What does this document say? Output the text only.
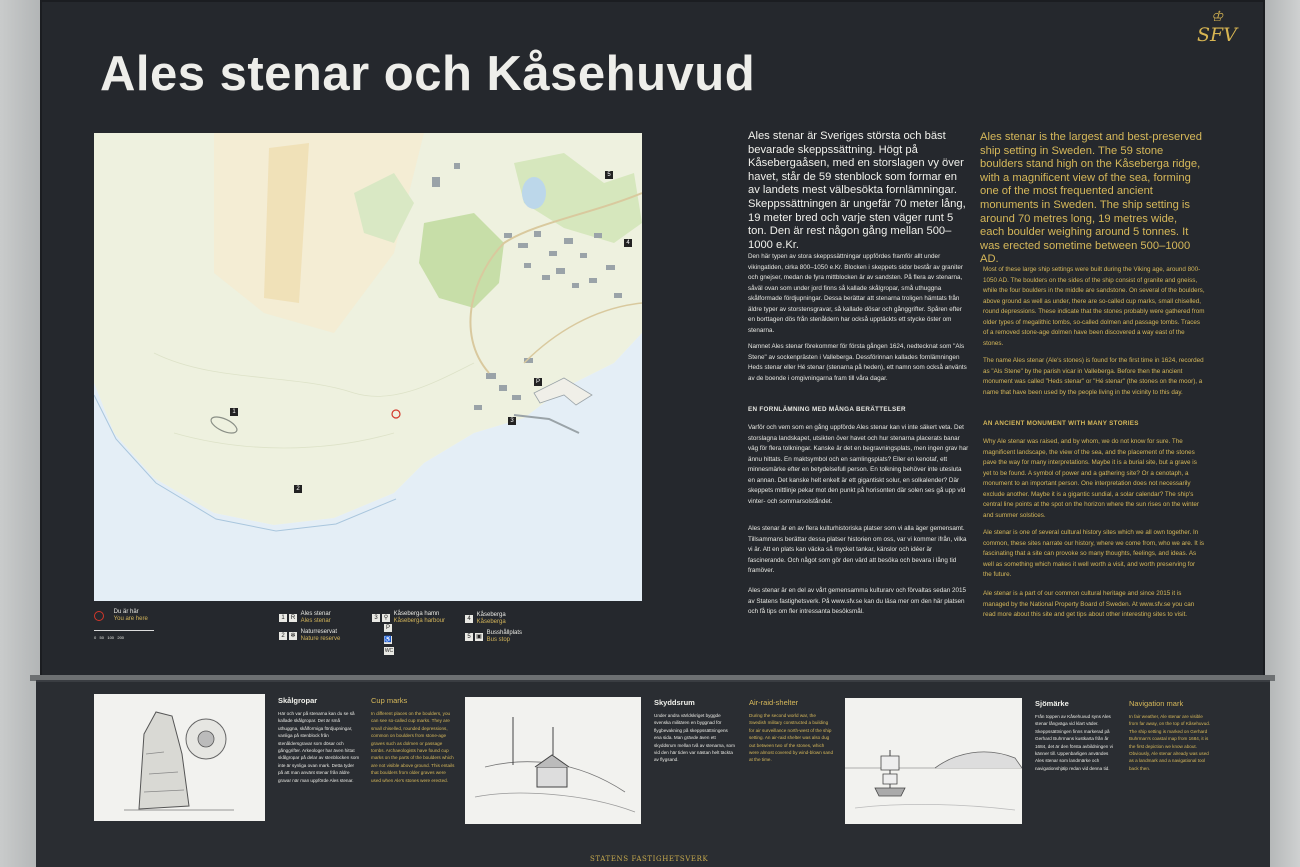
Ales stenar och Kåsehuvud
♔
SFV
1
2
3
4
5
P
Du är här
You are here
0   50   100   200
1 R Ales stenar
Ales stenar
2 ✻ Naturreservat
Nature reserve
3 ⚲ Kåseberga hamn
Kåseberga harbour
P
♿
WC
4 Kåseberga
Kåseberga
5 ▣ Busshållplats
Bus stop
Ales stenar är Sveriges största och bäst bevarade skeppssättning. Högt på Kåsebergaåsen, med en storslagen vy över havet, står de 59 stenblock som formar en av landets mest välbesökta fornlämningar. Skeppssättningen är ungefär 70 meter lång, 19 meter bred och varje sten väger runt 5 ton. Den är rest någon gång mellan 500–1000 e.Kr.
Ales stenar is the largest and best-preserved ship setting in Sweden. The 59 stone boulders stand high on the Kåseberga ridge, with a magnificent view of the sea, forming one of the most frequented ancient monuments in Sweden. The ship setting is around 70 metres long, 19 metres wide, each boulder weighing around 5 tonnes. It was erected sometime between 500–1000 AD.
Den här typen av stora skeppssättningar uppfördes framför allt under vikingatiden, cirka 800–1050 e.Kr. Blocken i skeppets sidor består av graniter och gnejser, medan de fyra mittblocken är av sandsten. På flera av stenarna, såväl ovan som under jord finns så kallade skålgropar, små uthuggna skålformade fördjupningar. Dessa berättar att stenarna troligen hämtats från äldre typer av storstensgravar, så kallade dösar och gånggrifter. Spåren efter en borttagen dös från stenåldern har också upptäckts ett stycke öster om stenarna.
Namnet Ales stenar förekommer för första gången 1624, nedtecknat som "Als Stene" av sockenprästen i Valleberga. Dessförinnan kallades fornlämningen Heds stenar eller Hé stenar (stenarna på heden), ett namn som också använts av de boende i omgivningarna fram till våra dagar.
EN FORNLÄMNING MED MÅNGA BERÄTTELSER
Varför och vem som en gång uppförde Ales stenar kan vi inte säkert veta. Det storslagna landskapet, utsikten över havet och hur stenarna placerats banar väg för flera tolkningar. Kanske är det en begravningsplats, men ingen grav har ännu hittats. En maktsymbol och en samlingsplats? Eller en kenotaf, ett minnesmärke efter en betydelsefull person. En tolkning behöver inte utesluta en annan. Det kanske helt enkelt är ett gigantiskt solur, en solkalender? Där skeppets mittlinje pekar mot den punkt på horisonten där solen ses gå upp vid vinter- och sommarsolståndet.
Ales stenar är en av flera kulturhistoriska platser som vi alla äger gemensamt. Tillsammans berättar dessa platser historien om oss, var vi kommer ifrån, vilka vi är. Att en plats kan väcka så mycket tankar, känslor och idéer är fascinerande. Och något som gör den värd att besöka och bevara i lång tid framöver.
Ales stenar är en del av vårt gemensamma kulturarv och förvaltas sedan 2015 av Statens fastighetsverk. På www.sfv.se kan du läsa mer om den här platsen och få tips om fler intressanta besöksmål.
Most of these large ship settings were built during the Viking age, around 800-1050 AD. The boulders on the sides of the ship consist of granite and gneiss, while the four boulders in the middle are sandstone. On several of the boulders, above ground as well as under, there are so-called cup marks, small chiselled, round depressions. These indicate that the stones probably were gathered from older types of megalithic tombs, so-called dolmen and passage tombs. Traces of a removed stone-age dolmen have been discovered a way east of the stones.
The name Ales stenar (Ale's stones) is found for the first time in 1624, recorded as "Als Stene" by the parish vicar in Valleberga. Before then the ancient monument was called "Heds stenar" or "Hé stenar" (the stones on the moor), a name that have been used by the people living in the vicinity to this day.
AN ANCIENT MONUMENT WITH MANY STORIES
Why Ale stenar was raised, and by whom, we do not know for sure. The magnificent landscape, the view of the sea, and the placement of the stones pave the way for many interpretations. Maybe it is a burial site, but a grave is yet to be found. A symbol of power and a gathering site? Or a cenotaph, a monument to an important person. One interpretation does not necessarily exclude another. Maybe it is a gigantic sundial, a solar calendar? The ship's central line points at the spot on the horizon where the sun rises on the winter and summer solstices.
Ale stenar is one of several cultural history sites which we all own together. In common, these sites narrate our history, where we come from, who we are. It is fascinating that a site can provoke so many thoughts, feelings, and ideas. As well as something which makes it well worth a visit, and worth preserving for the future.
Ale stenar is a part of our common cultural heritage and since 2015 it is managed by the National Property Board of Sweden. At www.sfv.se you can read more about this site and get tips about other interesting sites to visit.
Skålgropar
Här och var på stenarna kan du se så kallade skålgropar. Det är små uthuggna, skålformiga fördjupningar, vanliga på stenblock från stenåldersgravar som dösar och gånggrifter. Arkeologer har även hittat skålgropar på delar av stenblocken som inte är synliga ovan mark. Detta tyder på att man använt stenar från äldre gravar när man uppförde Ales stenar.
Cup marks
In different places on the boulders, you can see so-called cup marks. They are small chiselled, rounded depressions, common on boulders from stone-age graves such as dolmen or passage tombs. Archaeologists have found cup marks on the parts of the boulders which are not visible above ground. This entails that boulders from older graves were used when Ale's stones were erected.
Skyddsrum
Under andra världskriget byggde svenska militären en byggnad för flygbevakning på skeppssättningens ena sida. Man grävde även ett skyddsrum mellan två av stenarna, som vid den här tiden var nästan helt täckta av flygsand.
Air-raid-shelter
During the second world war, the Swedish military constructed a building for air surveillance north-west of the ship setting. An air-raid shelter was also dug out between two of the stones, which were almost covered by wind-blown sand at the time.
Sjömärke
Från toppen av Kåsehuvud syns Ales stenar långväga vid klart väder. Skeppssättningen finns markerad på Gerhard Buhrmans kustkarta från år 1684, det är den första avbildningen vi känner till. Uppenbarligen användes Ales stenar som landmärke och navigationshjälp redan vid denna tid.
Navigation mark
In fair weather, Ale stenar are visible from far away, on the top of Kåsehuvud. The ship setting is marked on Gerhard Buhrman's coastal map from 1684, it is the first depiction we know about. Obviously, Ale stenar already was used as a landmark and a navigational tool back then.
STATENS FASTIGHETSVERK
